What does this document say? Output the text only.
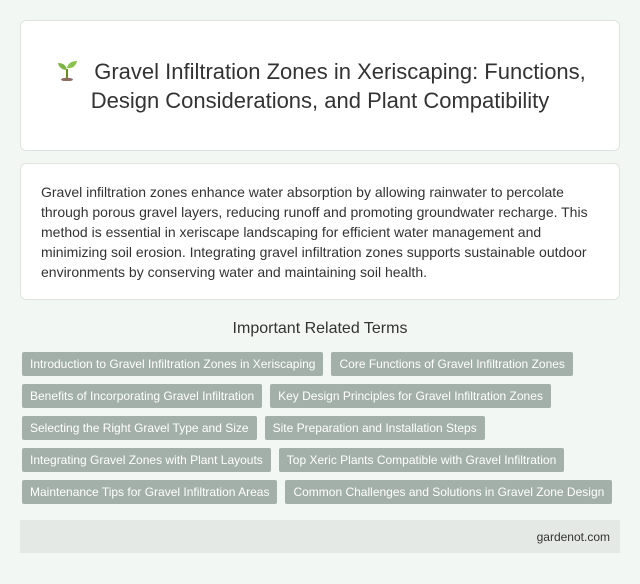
Gravel Infiltration Zones in Xeriscaping: Functions, Design Considerations, and Plant Compatibility

Gravel infiltration zones enhance water absorption by allowing rainwater to percolate through porous gravel layers, reducing runoff and promoting groundwater recharge. This method is essential in xeriscape landscaping for efficient water management and minimizing soil erosion. Integrating gravel infiltration zones supports sustainable outdoor environments by conserving water and maintaining soil health.

Important Related Terms
Introduction to Gravel Infiltration Zones in Xeriscaping	Core Functions of Gravel Infiltration Zones
Benefits of Incorporating Gravel Infiltration	Key Design Principles for Gravel Infiltration Zones
Selecting the Right Gravel Type and Size	Site Preparation and Installation Steps
Integrating Gravel Zones with Plant Layouts	Top Xeric Plants Compatible with Gravel Infiltration
Maintenance Tips for Gravel Infiltration Areas	Common Challenges and Solutions in Gravel Zone Design
gardenot.com
